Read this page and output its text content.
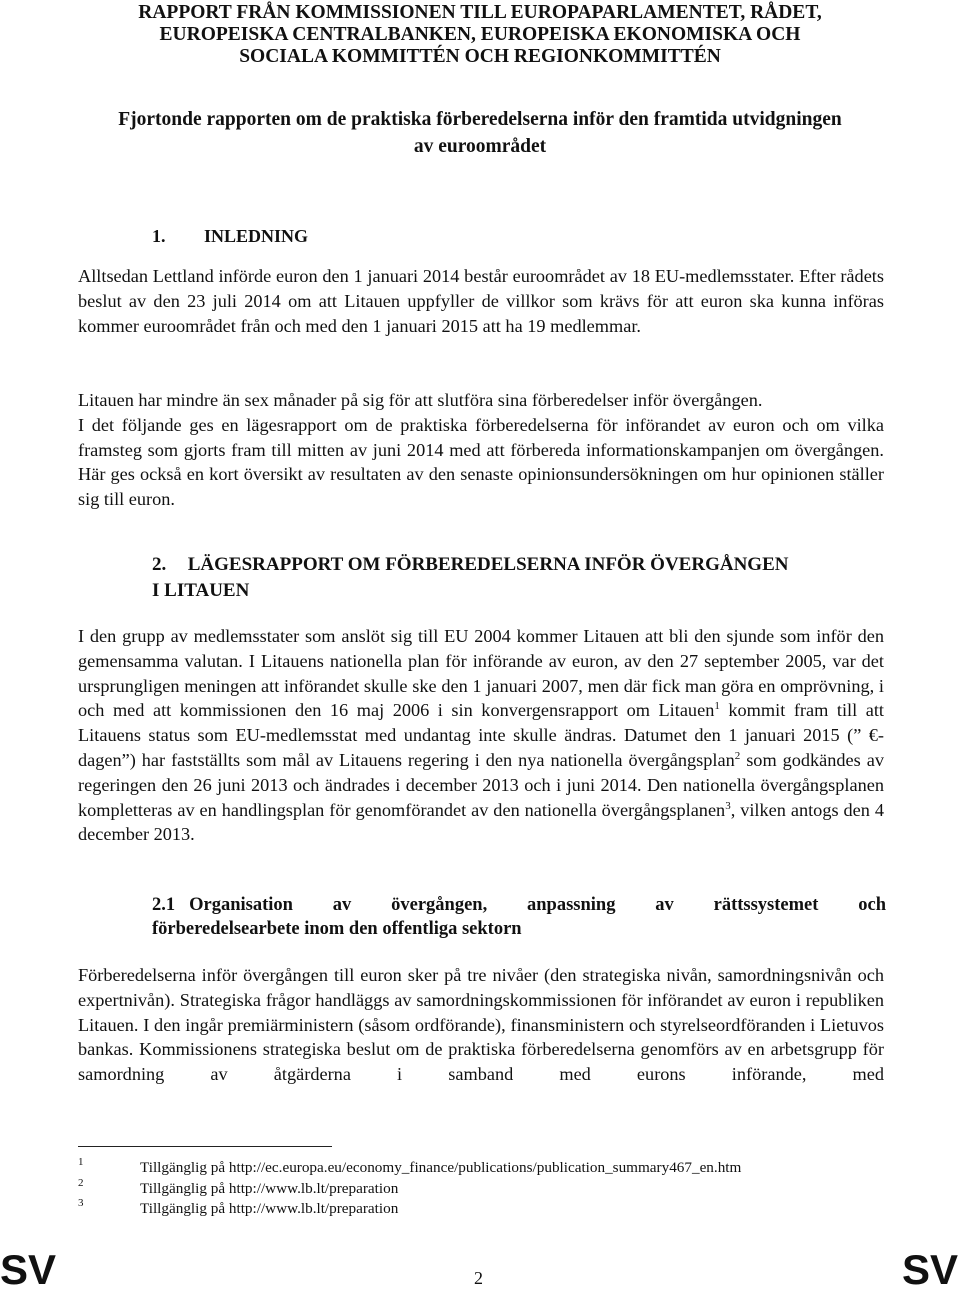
RAPPORT FRÅN KOMMISSIONEN TILL EUROPAPARLAMENTET, RÅDET,
EUROPEISKA CENTRALBANKEN, EUROPEISKA EKONOMISKA OCH
SOCIALA KOMMITTÉN OCH REGIONKOMMITTÉN
Fjortonde rapporten om de praktiska förberedelserna inför den framtida utvidgningen
av euroområdet
1. INLEDNING

Alltsedan Lettland införde euron den 1 januari 2014 består euroområdet av 18 EU-medlemsstater. Efter rådets beslut av den 23 juli 2014 om att Litauen uppfyller de villkor som krävs för att euron ska kunna införas kommer euroområdet från och med den 1 januari 2015 att ha 19 medlemmar.

Litauen har mindre än sex månader på sig för att slutföra sina förberedelser inför övergången.

I det följande ges en lägesrapport om de praktiska förberedelserna för införandet av euron och om vilka framsteg som gjorts fram till mitten av juni 2014 med att förbereda informationskampanjen om övergången. Här ges också en kort översikt av resultaten av den senaste opinionsundersökningen om hur opinionen ställer sig till euron.

2. LÄGESRAPPORT OM FÖRBEREDELSERNA INFÖR ÖVERGÅNGEN
I LITAUEN

I den grupp av medlemsstater som anslöt sig till EU 2004 kommer Litauen att bli den sjunde som inför den gemensamma valutan. I Litauens nationella plan för införande av euron, av den 27 september 2005, var det ursprungligen meningen att införandet skulle ske den 1 januari 2007, men där fick man göra en omprövning, i och med att kommissionen den 16 maj 2006 i sin konvergensrapport om Litauen$^1$ kommit fram till att Litauens status som EU-medlemsstat med undantag inte skulle ändras. Datumet den 1 januari 2015 (” €-dagen”) har fastställts som mål av Litauens regering i den nya nationella övergångsplan$^2$ som godkändes av regeringen den 26 juni 2013 och ändrades i december 2013 och i juni 2014. Den nationella övergångsplanen kompletteras av en handlingsplan för genomförandet av den nationella övergångsplanen$^3$, vilken antogs den 4 december 2013.

2.1 Organisation av övergången, anpassning av rättssystemet och
förberedelsearbete inom den offentliga sektorn

Förberedelserna inför övergången till euron sker på tre nivåer (den strategiska nivån, samordningsnivån och expertnivån). Strategiska frågor handläggs av samordningskommissionen för införandet av euron i republiken Litauen. I den ingår premiärministern (såsom ordförande), finansministern och styrelseordföranden i Lietuvos bankas. Kommissionens strategiska beslut om de praktiska förberedelserna genomförs av en arbetsgrupp för samordning av åtgärderna i samband med eurons införande, med

1	Tillgänglig på http://ec.europa.eu/economy_finance/publications/publication_summary467_en.htm
2	Tillgänglig på http://www.lb.lt/preparation
3	Tillgänglig på http://www.lb.lt/preparation
SV	2	SV
